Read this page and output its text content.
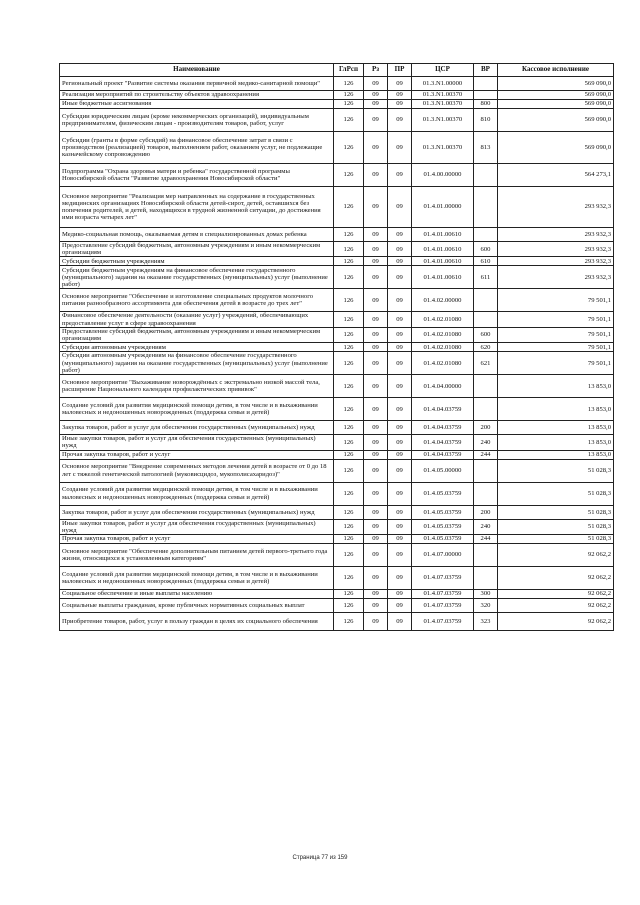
Наименование	ГлРсп	Рз	ПР	ЦСР	ВР	Кассовое исполнение
Региональный проект "Развитие системы оказания первичной медико-санитарной помощи"	126	09	09	01.3.N1.00000		569 090,0
Реализация мероприятий по строительству объектов здравоохранения	126	09	09	01.3.N1.00370		569 090,0
Иные бюджетные ассигнования	126	09	09	01.3.N1.00370	800	569 090,0
Субсидии юридическим лицам (кроме некоммерческих организаций), индивидуальным предпринимателям, физическим лицам - производителям товаров, работ, услуг	126	09	09	01.3.N1.00370	810	569 090,0
Субсидии (гранты в форме субсидий) на финансовое обеспечение затрат в связи с производством (реализацией) товаров, выполнением работ, оказанием услуг, не подлежащие казначейскому сопровождению	126	09	09	01.3.N1.00370	813	569 090,0
Подпрограмма "Охрана здоровья матери и ребенка" государственной программы Новосибирской области "Развитие здравоохранения Новосибирской области"	126	09	09	01.4.00.00000		564 273,1
Основное мероприятие "Реализация мер направленных на содержание в государственных медицинских организациях Новосибирской области детей-сирот, детей, оставшихся без попечения родителей, и детей, находящихся в трудной жизненной ситуации, до достижения ими возраста четырех лет"	126	09	09	01.4.01.00000		293 932,3
Медико-социальная помощь, оказываемая детям в специализированных домах ребенка	126	09	09	01.4.01.00610		293 932,3
Предоставление субсидий бюджетным, автономным учреждениям и иным некоммерческим организациям	126	09	09	01.4.01.00610	600	293 932,3
Субсидии бюджетным учреждениям	126	09	09	01.4.01.00610	610	293 932,3
Субсидии бюджетным учреждениям на финансовое обеспечение государственного (муниципального) задания на оказание государственных (муниципальных) услуг (выполнение работ)	126	09	09	01.4.01.00610	611	293 932,3
Основное мероприятие "Обеспечение и изготовление специальных продуктов молочного питания разнообразного ассортимента для обеспечения детей в возрасте до трех лет"	126	09	09	01.4.02.00000		79 501,1
Финансовое обеспечение деятельности (оказание услуг) учреждений, обеспечивающих предоставление услуг в сфере здравоохранения	126	09	09	01.4.02.01080		79 501,1
Предоставление субсидий бюджетным, автономным учреждениям и иным некоммерческим организациям	126	09	09	01.4.02.01080	600	79 501,1
Субсидии автономным учреждениям	126	09	09	01.4.02.01080	620	79 501,1
Субсидии автономным учреждениям на финансовое обеспечение государственного (муниципального) задания на оказание государственных (муниципальных) услуг (выполнение работ)	126	09	09	01.4.02.01080	621	79 501,1
Основное мероприятие "Выхаживание новорождённых с экстремально низкой массой тела, расширение Национального календаря профилактических прививок"	126	09	09	01.4.04.00000		13 853,0
Создание условий для развития медицинской помощи детям, в том числе и в выхаживании маловесных и недоношенных новорожденных (поддержка семьи и детей)	126	09	09	01.4.04.03759		13 853,0
Закупка товаров, работ и услуг для обеспечения государственных (муниципальных) нужд	126	09	09	01.4.04.03759	200	13 853,0
Иные закупки товаров, работ и услуг для обеспечения государственных (муниципальных) нужд	126	09	09	01.4.04.03759	240	13 853,0
Прочая закупка товаров, работ и услуг	126	09	09	01.4.04.03759	244	13 853,0
Основное мероприятие "Внедрение современных методов лечения детей в возрасте от 0 до 18 лет с тяжелой генетической патологией (муковисцидоз, мукополисахаридоз)"	126	09	09	01.4.05.00000		51 028,3
Создание условий для развития медицинской помощи детям, в том числе и в выхаживании маловесных и недоношенных новорожденных (поддержка семьи и детей)	126	09	09	01.4.05.03759		51 028,3
Закупка товаров, работ и услуг для обеспечения государственных (муниципальных) нужд	126	09	09	01.4.05.03759	200	51 028,3
Иные закупки товаров, работ и услуг для обеспечения государственных (муниципальных) нужд	126	09	09	01.4.05.03759	240	51 028,3
Прочая закупка товаров, работ и услуг	126	09	09	01.4.05.03759	244	51 028,3
Основное мероприятие "Обеспечение дополнительным питанием детей первого-третьего года жизни, относящихся к установленным категориям"	126	09	09	01.4.07.00000		92 062,2
Создание условий для развития медицинской помощи детям, в том числе и в выхаживании маловесных и недоношенных новорожденных (поддержка семьи и детей)	126	09	09	01.4.07.03759		92 062,2
Социальное обеспечение и иные выплаты населению	126	09	09	01.4.07.03759	300	92 062,2
Социальные выплаты гражданам, кроме публичных нормативных социальных выплат	126	09	09	01.4.07.03759	320	92 062,2
Приобретение товаров, работ, услуг в пользу граждан в целях их социального обеспечения	126	09	09	01.4.07.03759	323	92 062,2
Страница 77 из 159
